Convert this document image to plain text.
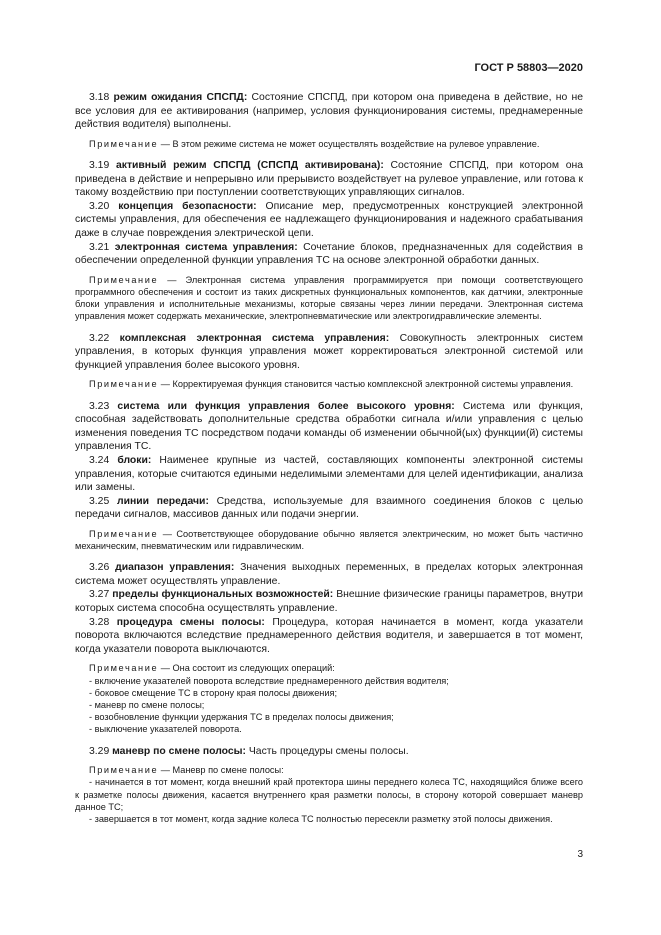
ГОСТ Р 58803—2020

3.18 режим ожидания СПСПД: Состояние СПСПД, при котором она приведена в действие, но не все условия для ее активирования (например, условия функционирования системы, преднамеренные действия водителя) выполнены.

Примечание — В этом режиме система не может осуществлять воздействие на рулевое управление.

3.19 активный режим СПСПД (СПСПД активирована): Состояние СПСПД, при котором она приведена в действие и непрерывно или прерывисто воздействует на рулевое управление, или готова к такому воздействию при поступлении соответствующих управляющих сигналов.

3.20 концепция безопасности: Описание мер, предусмотренных конструкцией электронной системы управления, для обеспечения ее надлежащего функционирования и надежного срабатывания даже в случае повреждения электрической цепи.

3.21 электронная система управления: Сочетание блоков, предназначенных для содействия в обеспечении определенной функции управления ТС на основе электронной обработки данных.

Примечание — Электронная система управления программируется при помощи соответствующего программного обеспечения и состоит из таких дискретных функциональных компонентов, как датчики, электронные блоки управления и исполнительные механизмы, которые связаны через линии передачи. Электронная система управления может содержать механические, электропневматические или электрогидравлические элементы.

3.22 комплексная электронная система управления: Совокупность электронных систем управления, в которых функция управления может корректироваться электронной системой или функцией управления более высокого уровня.

Примечание — Корректируемая функция становится частью комплексной электронной системы управления.

3.23 система или функция управления более высокого уровня: Система или функция, способная задействовать дополнительные средства обработки сигнала и/или управления с целью изменения поведения ТС посредством подачи команды об изменении обычной(ых) функции(й) системы управления ТС.

3.24 блоки: Наименее крупные из частей, составляющих компоненты электронной системы управления, которые считаются едиными неделимыми элементами для целей идентификации, анализа или замены.

3.25 линии передачи: Средства, используемые для взаимного соединения блоков с целью передачи сигналов, массивов данных или подачи энергии.

Примечание — Соответствующее оборудование обычно является электрическим, но может быть частично механическим, пневматическим или гидравлическим.

3.26 диапазон управления: Значения выходных переменных, в пределах которых электронная система может осуществлять управление.

3.27 пределы функциональных возможностей: Внешние физические границы параметров, внутри которых система способна осуществлять управление.

3.28 процедура смены полосы: Процедура, которая начинается в момент, когда указатели поворота включаются вследствие преднамеренного действия водителя, и завершается в тот момент, когда указатели поворота выключаются.

Примечание — Она состоит из следующих операций:

- включение указателей поворота вследствие преднамеренного действия водителя;

- боковое смещение ТС в сторону края полосы движения;

- маневр по смене полосы;

- возобновление функции удержания ТС в пределах полосы движения;

- выключение указателей поворота.

3.29 маневр по смене полосы: Часть процедуры смены полосы.

Примечание — Маневр по смене полосы:

- начинается в тот момент, когда внешний край протектора шины переднего колеса ТС, находящийся ближе всего к разметке полосы движения, касается внутреннего края разметки полосы, в сторону которой совершает маневр данное ТС;

- завершается в тот момент, когда задние колеса ТС полностью пересекли разметку этой полосы движения.

3
